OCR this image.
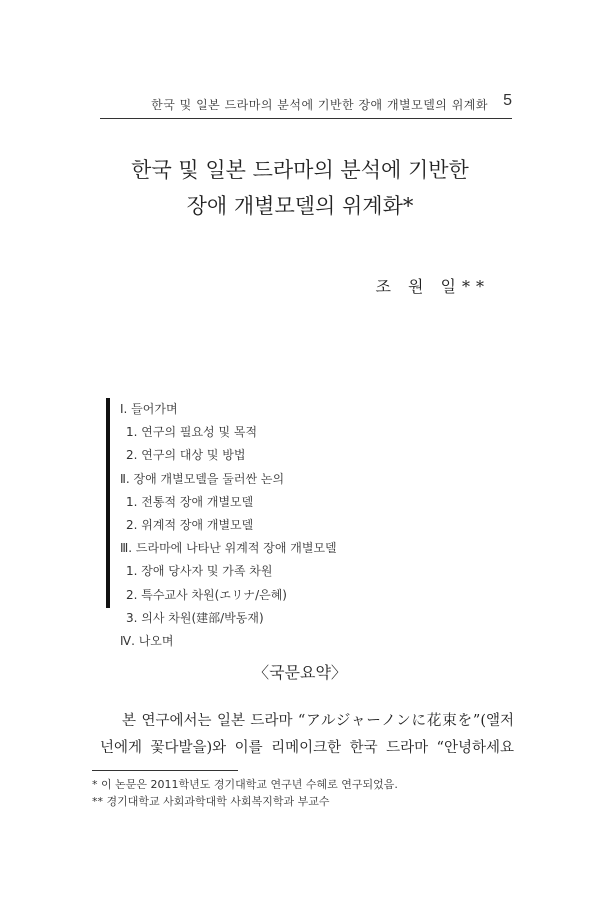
한국 및 일본 드라마의 분석에 기반한 장애 개별모델의 위계화 5
한국 및 일본 드라마의 분석에 기반한
장애 개별모델의 위계화*
조 원 일**
Ⅰ. 들어가며
1. 연구의 필요성 및 목적
2. 연구의 대상 및 방법
Ⅱ. 장애 개별모델을 둘러싼 논의
1. 전통적 장애 개별모델
2. 위계적 장애 개별모델
Ⅲ. 드라마에 나타난 위계적 장애 개별모델
1. 장애 당사자 및 가족 차원
2. 특수교사 차원(エリナ/은혜)
3. 의사 차원(建部/박동재)
Ⅳ. 나오며
〈국문요약〉
본 연구에서는 일본 드라마 “アルジャーノンに花束を”(앨저
넌에게 꽃다발을)와 이를 리메이크한 한국 드라마 “안녕하세요
* 이 논문은 2011학년도 경기대학교 연구년 수혜로 연구되었음.
** 경기대학교 사회과학대학 사회복지학과 부교수
